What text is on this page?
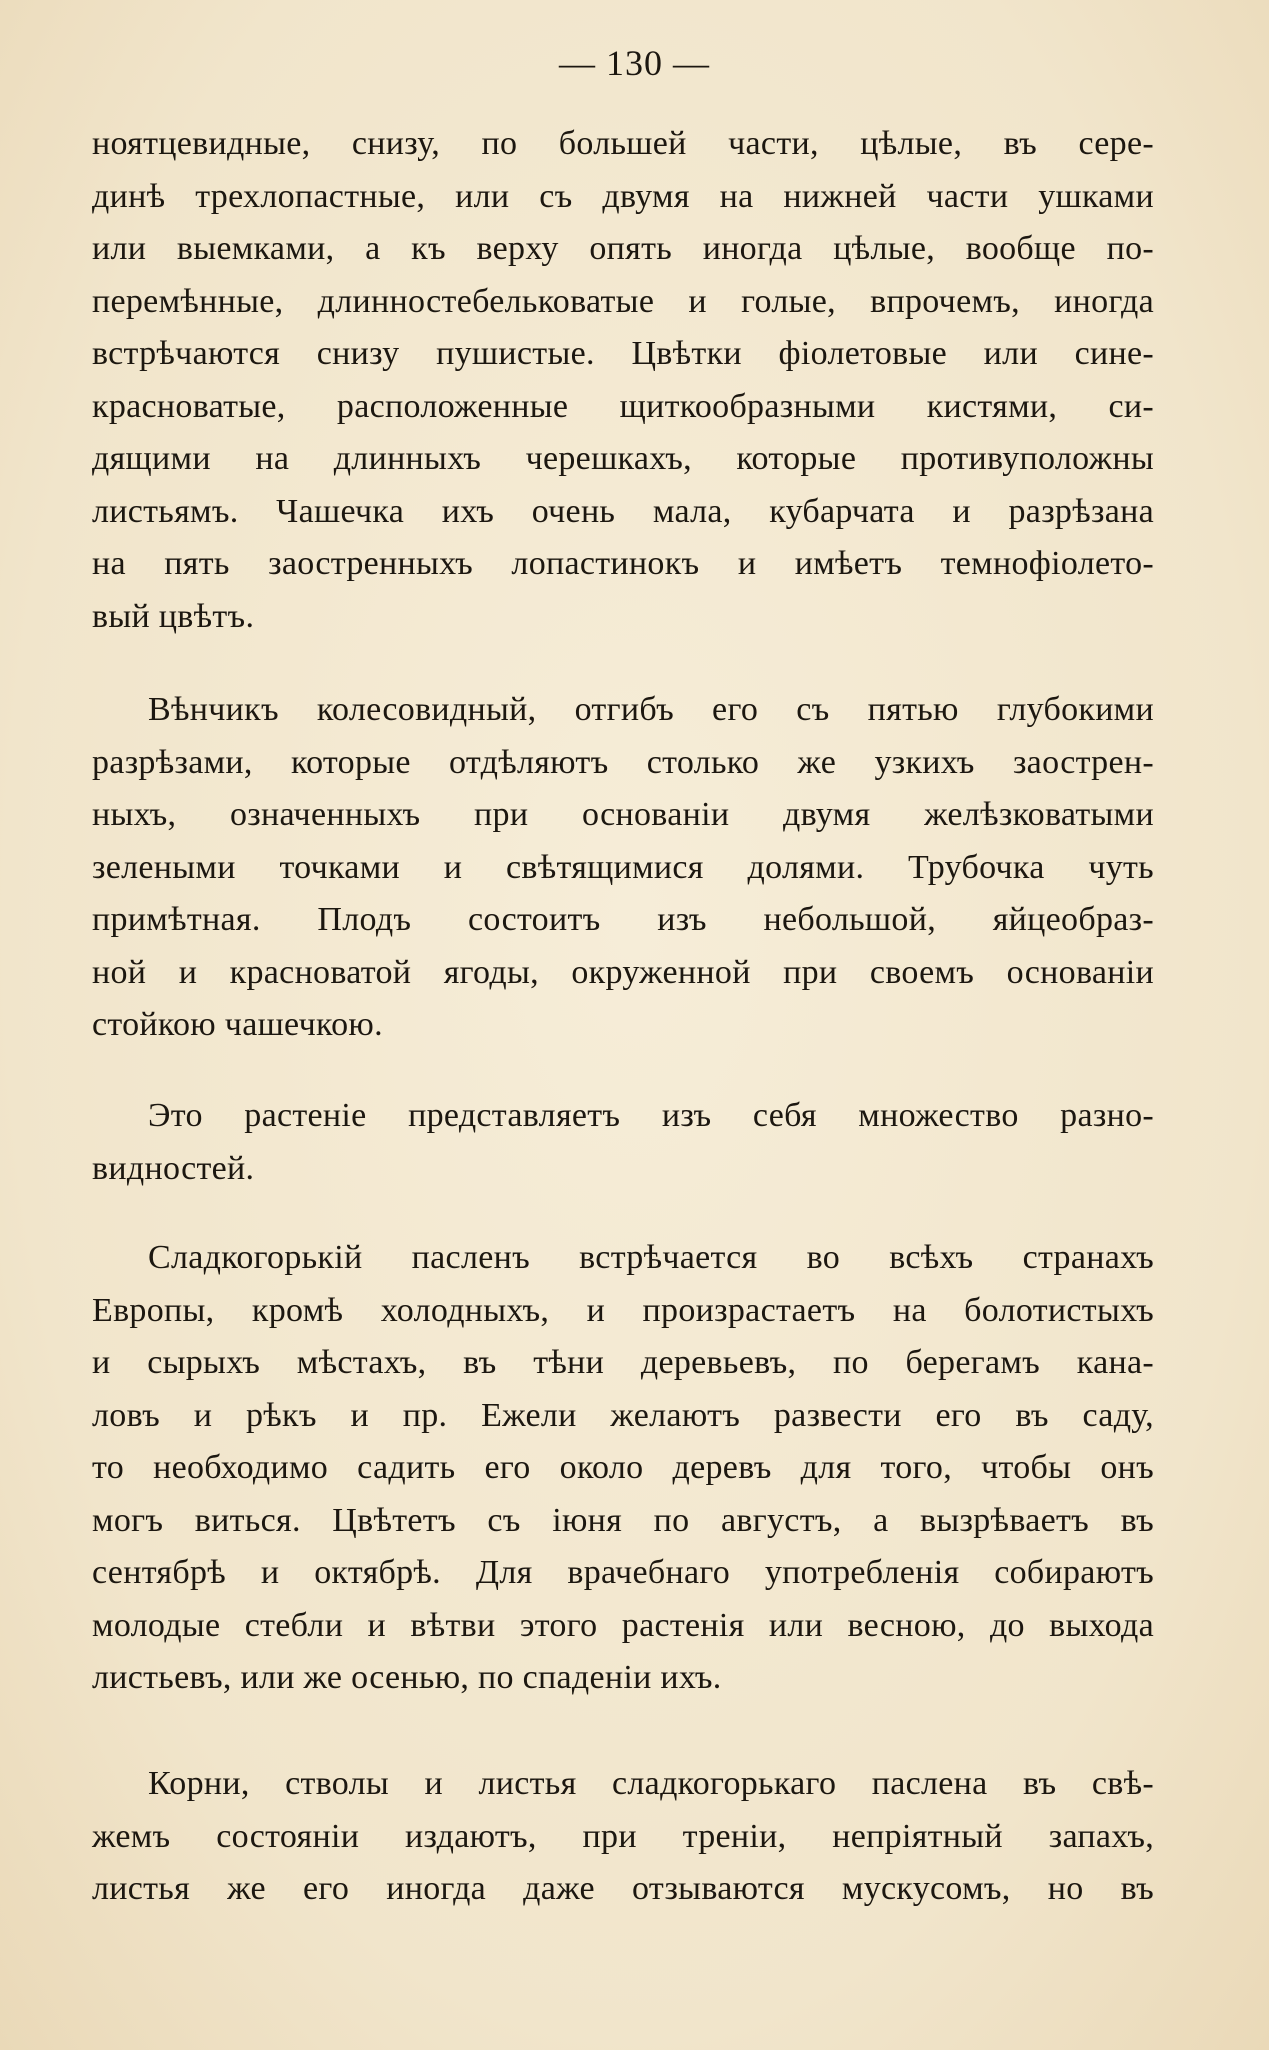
— 130 —
ноятцевидные, снизу, по большей части, цѣлые, въ сере-
динѣ трехлопастные, или съ двумя на нижней части ушками
или выемками, а къ верху опять иногда цѣлые, вообще по-
перемѣнные, длинностебельковатые и голые, впрочемъ, иногда
встрѣчаются снизу пушистые. Цвѣтки фіолетовые или сине-
красноватые, расположенные щиткообразными кистями, си-
дящими на длинныхъ черешкахъ, которые противуположны
листьямъ. Чашечка ихъ очень мала, кубарчата и разрѣзана
на пять заостренныхъ лопастинокъ и имѣетъ темнофіолето-
вый цвѣтъ.
Вѣнчикъ колесовидный, отгибъ его съ пятью глубокими
разрѣзами, которые отдѣляютъ столько же узкихъ заострен-
ныхъ, означенныхъ при основаніи двумя желѣзковатыми
зелеными точками и свѣтящимися долями. Трубочка чуть
примѣтная. Плодъ состоитъ изъ небольшой, яйцеобраз-
ной и красноватой ягоды, окруженной при своемъ основаніи
стойкою чашечкою.
Это растеніе представляетъ изъ себя множество разно-
видностей.
Сладкогорькій пасленъ встрѣчается во всѣхъ странахъ
Европы, кромѣ холодныхъ, и произрастаетъ на болотистыхъ
и сырыхъ мѣстахъ, въ тѣни деревьевъ, по берегамъ кана-
ловъ и рѣкъ и пр. Ежели желаютъ развести его въ саду,
то необходимо садить его около деревъ для того, чтобы онъ
могъ виться. Цвѣтетъ съ іюня по августъ, а вызрѣваетъ въ
сентябрѣ и октябрѣ. Для врачебнаго употребленія собираютъ
молодые стебли и вѣтви этого растенія или весною, до выхода
листьевъ, или же осенью, по спаденіи ихъ.
Корни, стволы и листья сладкогорькаго паслена въ свѣ-
жемъ состояніи издаютъ, при треніи, непріятный запахъ,
листья же его иногда даже отзываются мускусомъ, но въ
